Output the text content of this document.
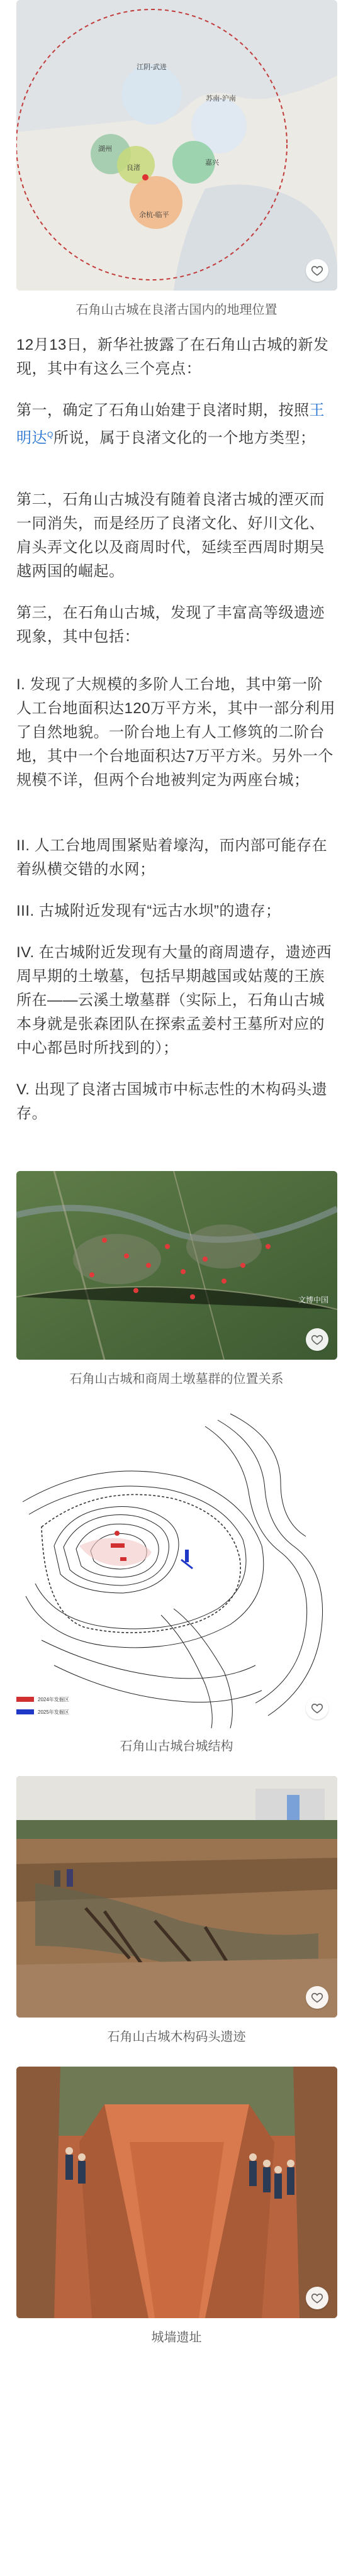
江阴-武进
苏南-沪南
湖州
嘉兴
良渚
余杭-临平
石角山古城在良渚古国内的地理位置
12月13日，新华社披露了在石角山古城的新发现，其中有这么三个亮点：
第一，确定了石角山始建于良渚时期，按照王明达$^Q$所说，属于良渚文化的一个地方类型；
第二，石角山古城没有随着良渚古城的湮灭而一同消失，而是经历了良渚文化、好川文化、肩头弄文化以及商周时代，延续至西周时期吴越两国的崛起。
第三，在石角山古城，发现了丰富高等级遗迹现象，其中包括：
I. 发现了大规模的多阶人工台地，其中第一阶人工台地面积达120万平方米，其中一部分利用了自然地貌。一阶台地上有人工修筑的二阶台地，其中一个台地面积达7万平方米。另外一个规模不详，但两个台地被判定为两座台城；
II. 人工台地周围紧贴着壕沟，而内部可能存在着纵横交错的水网；
III. 古城附近发现有“远古水坝”的遗存；
IV. 在古城附近发现有大量的商周遗存，遗迹西周早期的土墩墓，包括早期越国或姑蔑的王族所在——云溪土墩墓群（实际上，石角山古城本身就是张森团队在探索孟姜村王墓所对应的中心都邑时所找到的）；
V. 出现了良渚古国城市中标志性的木构码头遗存。
文博中国
石角山古城和商周土墩墓群的位置关系
2024年发掘区
2025年发掘区
石角山古城台城结构
石角山古城木构码头遗迹
城墙遗址
